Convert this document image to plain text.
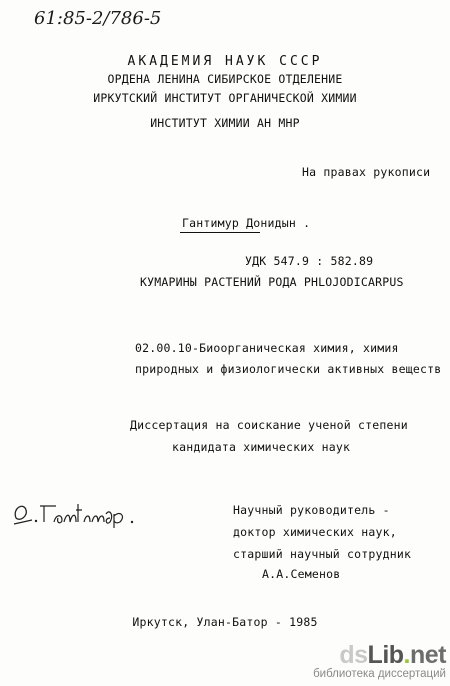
61:85-2/786-5
АКАДЕМИЯ НАУК СССР
ОРДЕНА ЛЕНИНА СИБИРСКОЕ ОТДЕЛЕНИЕ
ИРКУТСКИЙ ИНСТИТУТ ОРГАНИЧЕСКОЙ ХИМИИ
ИНСТИТУТ ХИМИИ АН МНР
На правах рукописи
Гантимур Донидын .
УДК 547.9 : 582.89
КУМАРИНЫ РАСТЕНИЙ РОДА PHLOJODICARPUS
02.00.10-Биоорганическая химия, химия
природных и физиологически активных веществ
Диссертация на соискание ученой степени
кандидата химических наук
Научный руководитель -
доктор химических наук,
старший научный сотрудник
А.А.Семенов
Иркутск, Улан-Батор - 1985
dsLib.net
библиотека диссертаций
